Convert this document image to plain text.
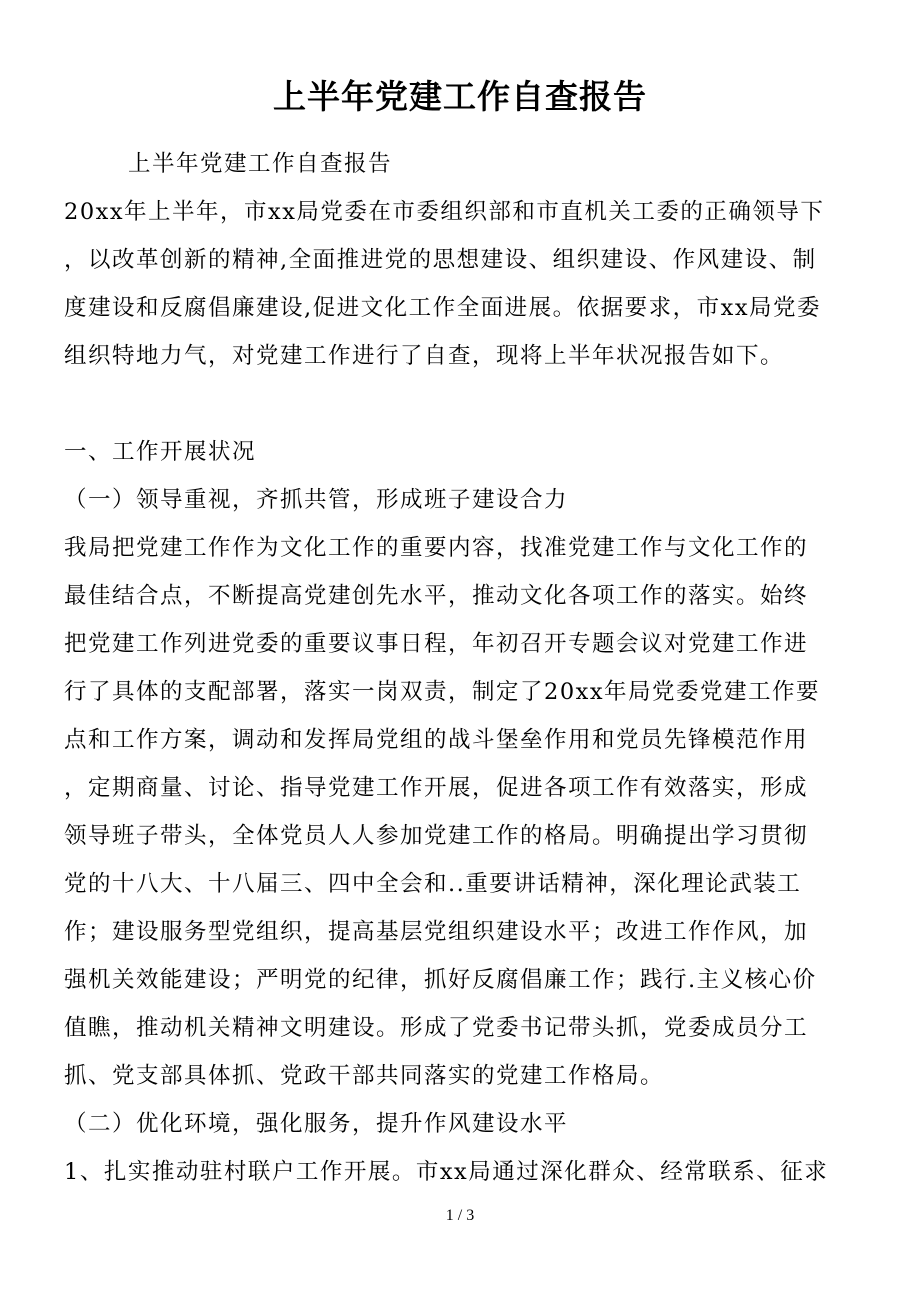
上半年党建工作自查报告
上半年党建工作自查报告
20xx年上半年，市xx局党委在市委组织部和市直机关工委的正确领导下
，以改革创新的精神,全面推进党的思想建设、组织建设、作风建设、制
度建设和反腐倡廉建设,促进文化工作全面进展。依据要求，市xx局党委
组织特地力气，对党建工作进行了自查，现将上半年状况报告如下。
一、工作开展状况
（一）领导重视，齐抓共管，形成班子建设合力
我局把党建工作作为文化工作的重要内容，找准党建工作与文化工作的
最佳结合点，不断提高党建创先水平，推动文化各项工作的落实。始终
把党建工作列进党委的重要议事日程，年初召开专题会议对党建工作进
行了具体的支配部署，落实一岗双责，制定了20xx年局党委党建工作要
点和工作方案，调动和发挥局党组的战斗堡垒作用和党员先锋模范作用
，定期商量、讨论、指导党建工作开展，促进各项工作有效落实，形成
领导班子带头，全体党员人人参加党建工作的格局。明确提出学习贯彻
党的十八大、十八届三、四中全会和..重要讲话精神，深化理论武装工
作；建设服务型党组织，提高基层党组织建设水平；改进工作作风，加
强机关效能建设；严明党的纪律，抓好反腐倡廉工作；践行.主义核心价
值瞧，推动机关精神文明建设。形成了党委书记带头抓，党委成员分工
抓、党支部具体抓、党政干部共同落实的党建工作格局。
（二）优化环境，强化服务，提升作风建设水平
1、扎实推动驻村联户工作开展。市xx局通过深化群众、经常联系、征求
1 / 3
